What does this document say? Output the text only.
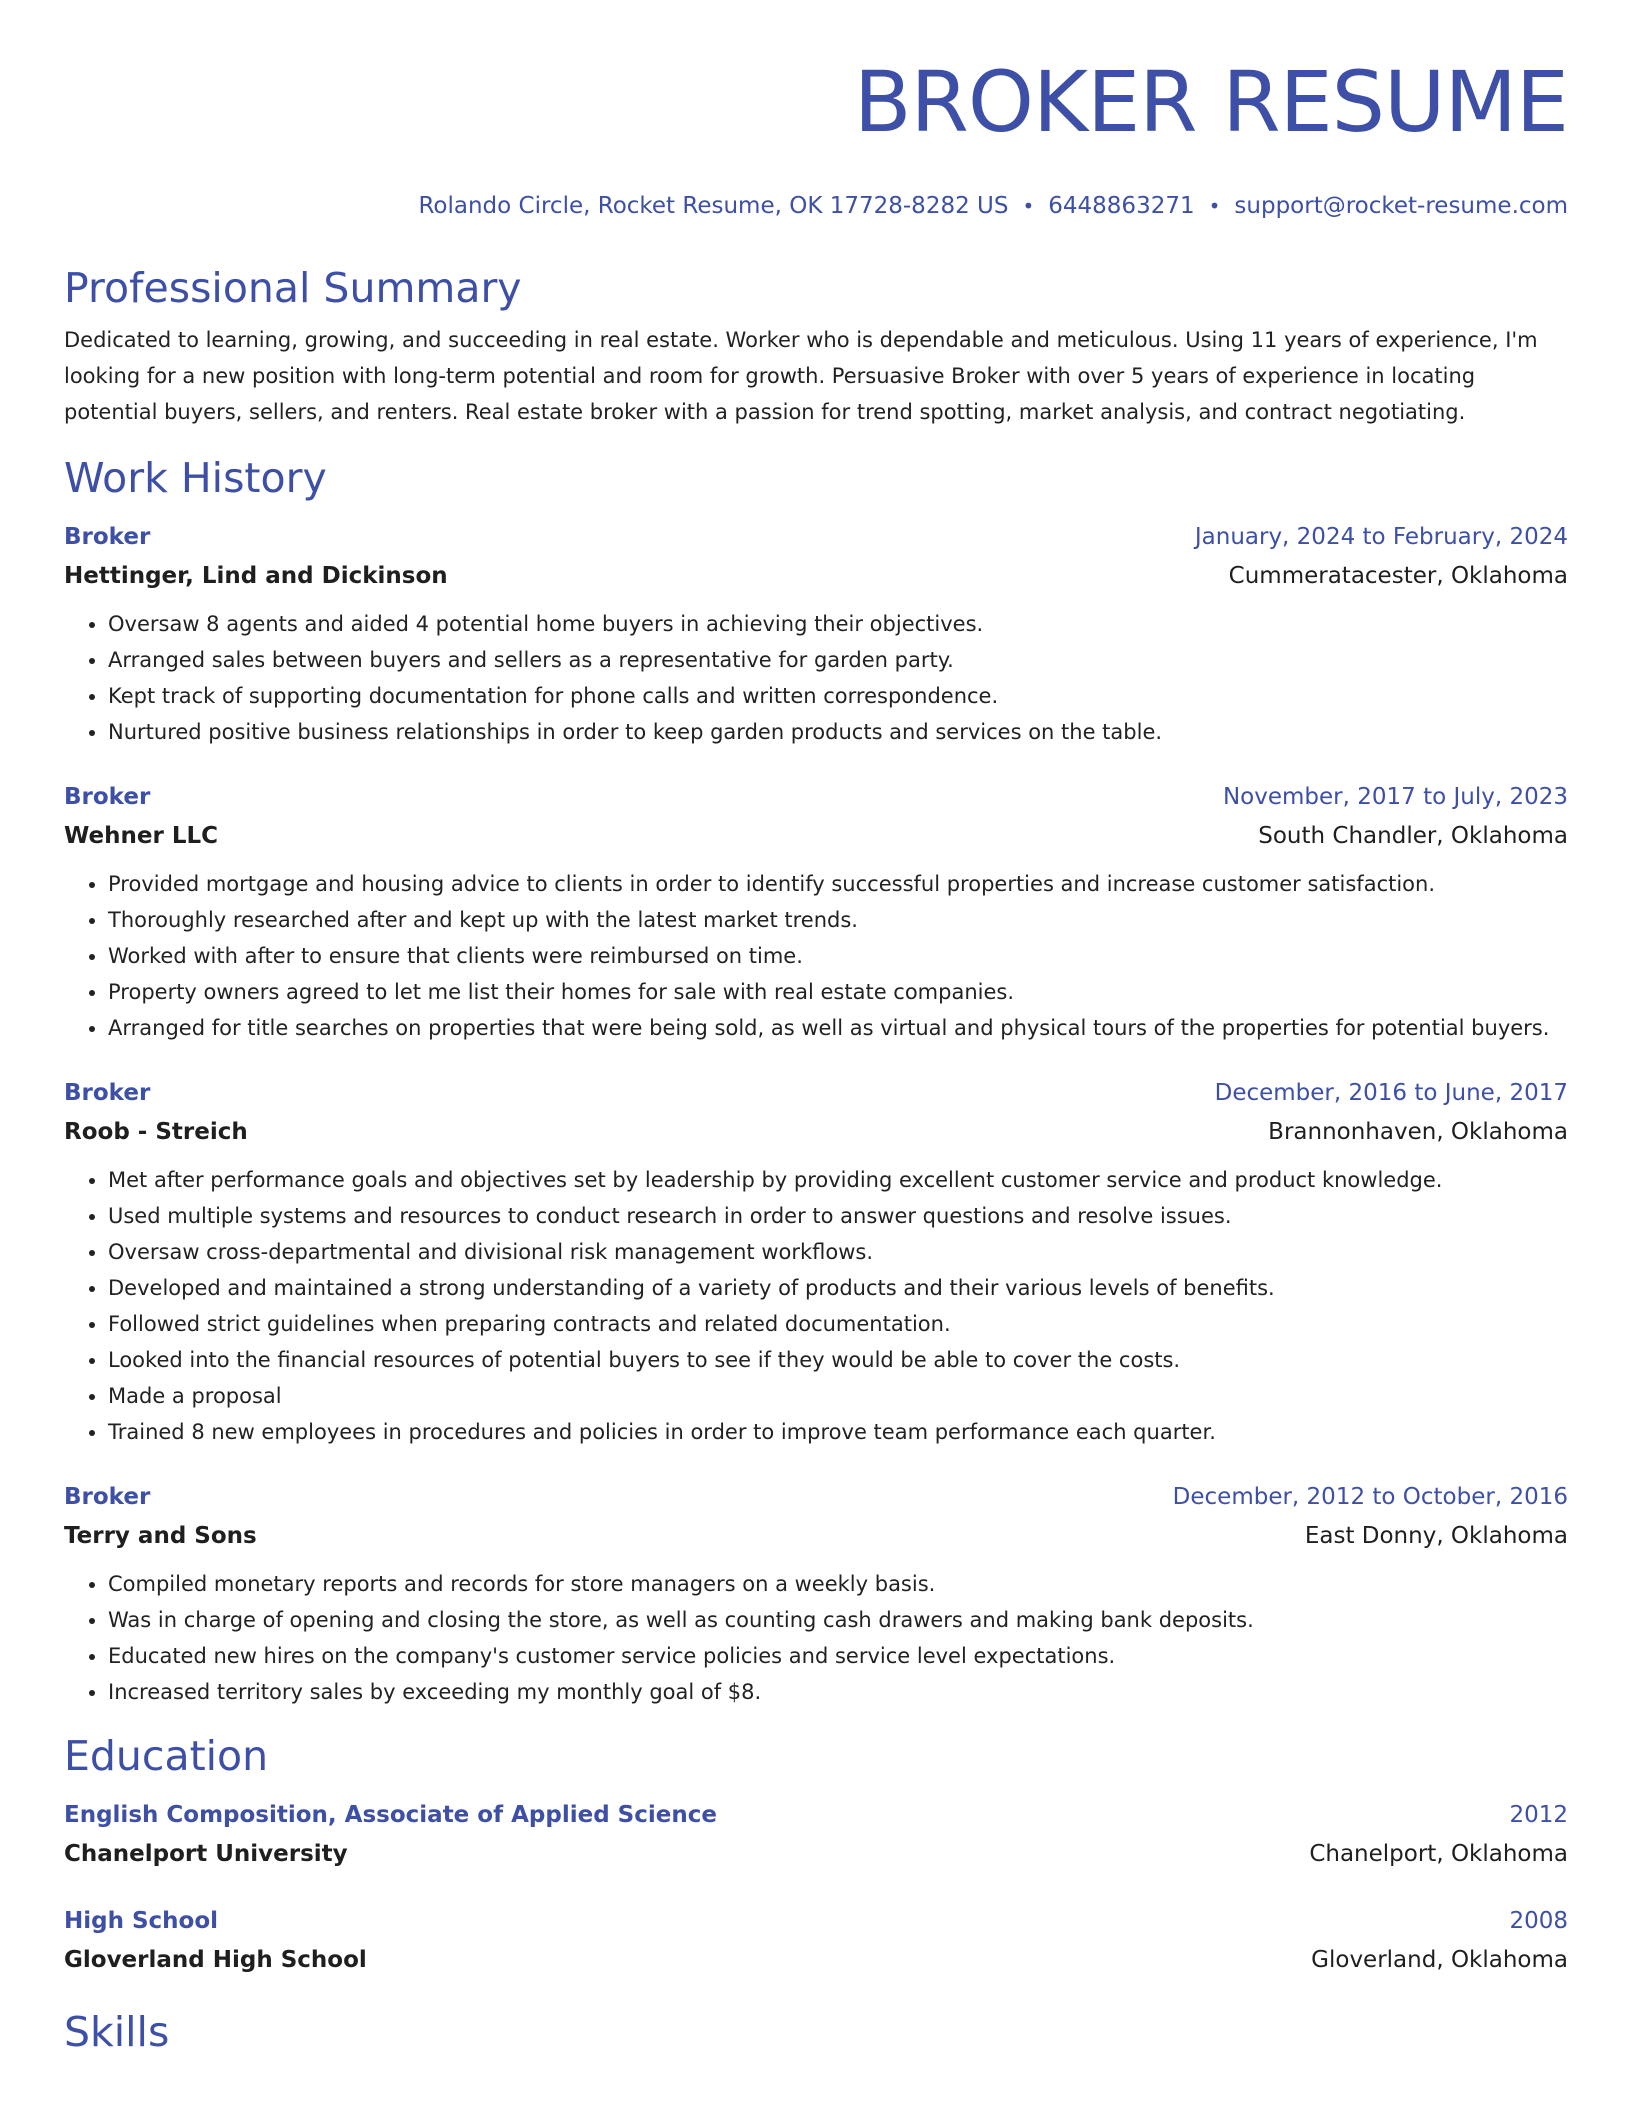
BROKER RESUME
Rolando Circle, Rocket Resume, OK 17728-8282 US • 6448863271 • support@rocket-resume.com
Professional Summary
Dedicated to learning, growing, and succeeding in real estate. Worker who is dependable and meticulous. Using 11 years of experience, I'm looking for a new position with long-term potential and room for growth. Persuasive Broker with over 5 years of experience in locating potential buyers, sellers, and renters. Real estate broker with a passion for trend spotting, market analysis, and contract negotiating.
Work History
Broker	January, 2024 to February, 2024
Hettinger, Lind and Dickinson	Cummeratacester, Oklahoma
• Oversaw 8 agents and aided 4 potential home buyers in achieving their objectives.
• Arranged sales between buyers and sellers as a representative for garden party.
• Kept track of supporting documentation for phone calls and written correspondence.
• Nurtured positive business relationships in order to keep garden products and services on the table.
Broker	November, 2017 to July, 2023
Wehner LLC	South Chandler, Oklahoma
• Provided mortgage and housing advice to clients in order to identify successful properties and increase customer satisfaction.
• Thoroughly researched after and kept up with the latest market trends.
• Worked with after to ensure that clients were reimbursed on time.
• Property owners agreed to let me list their homes for sale with real estate companies.
• Arranged for title searches on properties that were being sold, as well as virtual and physical tours of the properties for potential buyers.
Broker	December, 2016 to June, 2017
Roob - Streich	Brannonhaven, Oklahoma
• Met after performance goals and objectives set by leadership by providing excellent customer service and product knowledge.
• Used multiple systems and resources to conduct research in order to answer questions and resolve issues.
• Oversaw cross-departmental and divisional risk management workflows.
• Developed and maintained a strong understanding of a variety of products and their various levels of benefits.
• Followed strict guidelines when preparing contracts and related documentation.
• Looked into the financial resources of potential buyers to see if they would be able to cover the costs.
• Made a proposal
• Trained 8 new employees in procedures and policies in order to improve team performance each quarter.
Broker	December, 2012 to October, 2016
Terry and Sons	East Donny, Oklahoma
• Compiled monetary reports and records for store managers on a weekly basis.
• Was in charge of opening and closing the store, as well as counting cash drawers and making bank deposits.
• Educated new hires on the company's customer service policies and service level expectations.
• Increased territory sales by exceeding my monthly goal of $8.
Education
English Composition, Associate of Applied Science	2012
Chanelport University	Chanelport, Oklahoma
High School	2008
Gloverland High School	Gloverland, Oklahoma
Skills
